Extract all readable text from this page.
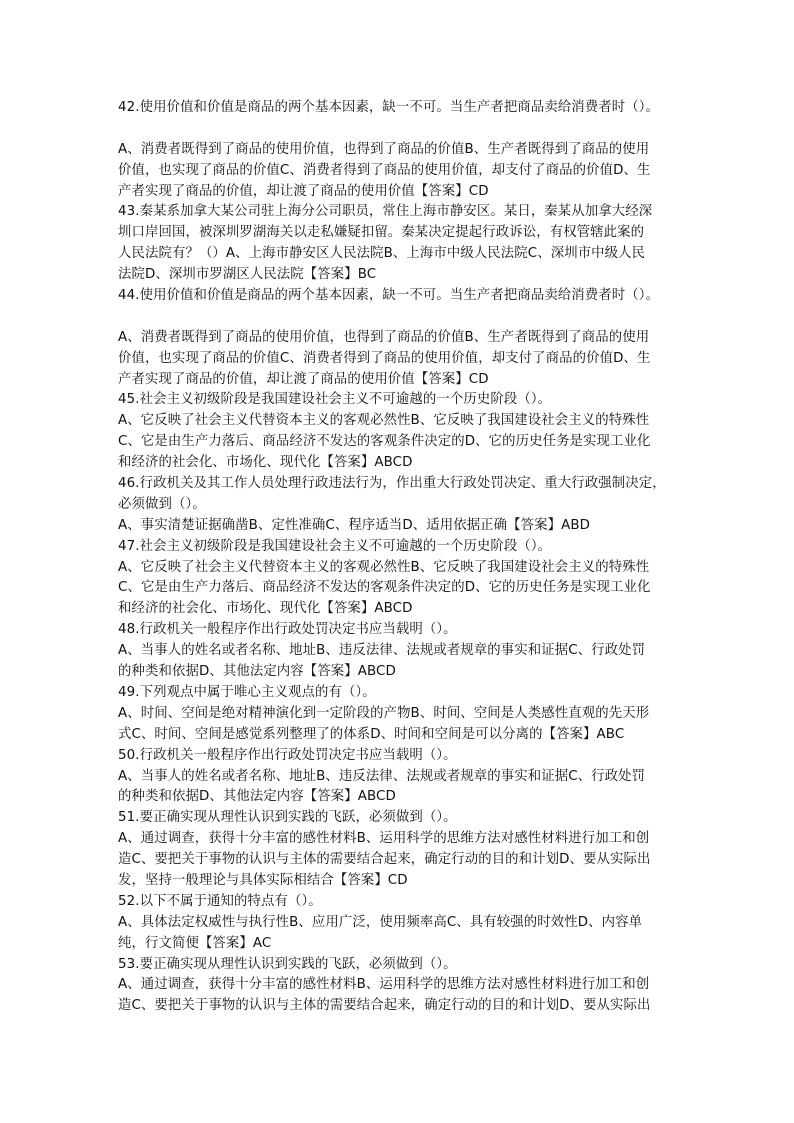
42.使用价值和价值是商品的两个基本因素，缺一不可。当生产者把商品卖给消费者时（）。
A、消费者既得到了商品的使用价值，也得到了商品的价值B、生产者既得到了商品的使用
价值，也实现了商品的价值C、消费者得到了商品的使用价值，却支付了商品的价值D、生
产者实现了商品的价值，却让渡了商品的使用价值【答案】CD
43.秦某系加拿大某公司驻上海分公司职员，常住上海市静安区。某日，秦某从加拿大经深
圳口岸回国，被深圳罗湖海关以走私嫌疑扣留。秦某决定提起行政诉讼，有权管辖此案的
人民法院有？（）A、上海市静安区人民法院B、上海市中级人民法院C、深圳市中级人民
法院D、深圳市罗湖区人民法院【答案】BC
44.使用价值和价值是商品的两个基本因素，缺一不可。当生产者把商品卖给消费者时（）。
A、消费者既得到了商品的使用价值，也得到了商品的价值B、生产者既得到了商品的使用
价值，也实现了商品的价值C、消费者得到了商品的使用价值，却支付了商品的价值D、生
产者实现了商品的价值，却让渡了商品的使用价值【答案】CD
45.社会主义初级阶段是我国建设社会主义不可逾越的一个历史阶段（）。
A、它反映了社会主义代替资本主义的客观必然性B、它反映了我国建设社会主义的特殊性
C、它是由生产力落后、商品经济不发达的客观条件决定的D、它的历史任务是实现工业化
和经济的社会化、市场化、现代化【答案】ABCD
46.行政机关及其工作人员处理行政违法行为，作出重大行政处罚决定、重大行政强制决定，
必须做到（）。
A、事实清楚证据确凿B、定性准确C、程序适当D、适用依据正确【答案】ABD
47.社会主义初级阶段是我国建设社会主义不可逾越的一个历史阶段（）。
A、它反映了社会主义代替资本主义的客观必然性B、它反映了我国建设社会主义的特殊性
C、它是由生产力落后、商品经济不发达的客观条件决定的D、它的历史任务是实现工业化
和经济的社会化、市场化、现代化【答案】ABCD
48.行政机关一般程序作出行政处罚决定书应当载明（）。
A、当事人的姓名或者名称、地址B、违反法律、法规或者规章的事实和证据C、行政处罚
的种类和依据D、其他法定内容【答案】ABCD
49.下列观点中属于唯心主义观点的有（）。
A、时间、空间是绝对精神演化到一定阶段的产物B、时间、空间是人类感性直观的先天形
式C、时间、空间是感觉系列整理了的体系D、时间和空间是可以分离的【答案】ABC
50.行政机关一般程序作出行政处罚决定书应当载明（）。
A、当事人的姓名或者名称、地址B、违反法律、法规或者规章的事实和证据C、行政处罚
的种类和依据D、其他法定内容【答案】ABCD
51.要正确实现从理性认识到实践的飞跃，必须做到（）。
A、通过调查，获得十分丰富的感性材料B、运用科学的思维方法对感性材料进行加工和创
造C、要把关于事物的认识与主体的需要结合起来，确定行动的目的和计划D、要从实际出
发，坚持一般理论与具体实际相结合【答案】CD
52.以下不属于通知的特点有（）。
A、具体法定权威性与执行性B、应用广泛，使用频率高C、具有较强的时效性D、内容单
纯，行文简便【答案】AC
53.要正确实现从理性认识到实践的飞跃，必须做到（）。
A、通过调查，获得十分丰富的感性材料B、运用科学的思维方法对感性材料进行加工和创
造C、要把关于事物的认识与主体的需要结合起来，确定行动的目的和计划D、要从实际出
